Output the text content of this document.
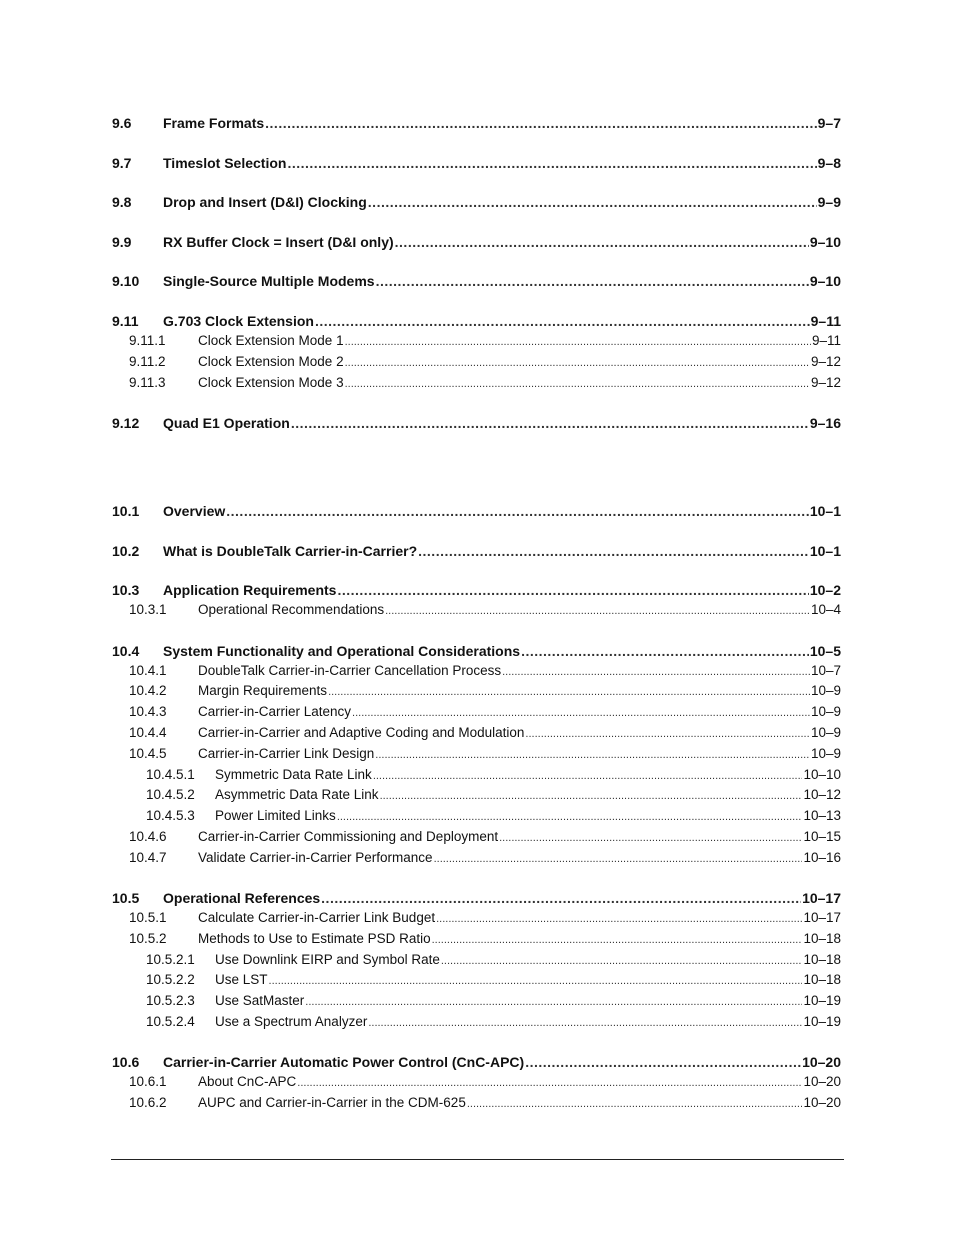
9.6	Frame Formats .....	9–7
9.7	Timeslot Selection .....	9–8
9.8	Drop and Insert (D&I) Clocking .....	9–9
9.9	RX Buffer Clock = Insert (D&I only) .....	9–10
9.10	Single-Source Multiple Modems .....	9–10
9.11	G.703 Clock Extension .....	9–11
9.11.1	Clock Extension Mode 1 .....	9–11
9.11.2	Clock Extension Mode 2 .....	9–12
9.11.3	Clock Extension Mode 3 .....	9–12
9.12	Quad E1 Operation .....	9–16
10.1	Overview .....	10–1
10.2	What is DoubleTalk Carrier-in-Carrier? .....	10–1
10.3	Application Requirements .....	10–2
10.3.1	Operational Recommendations .....	10–4
10.4	System Functionality and Operational Considerations .....	10–5
10.4.1	DoubleTalk Carrier-in-Carrier Cancellation Process .....	10–7
10.4.2	Margin Requirements .....	10–9
10.4.3	Carrier-in-Carrier Latency .....	10–9
10.4.4	Carrier-in-Carrier and Adaptive Coding and Modulation .....	10–9
10.4.5	Carrier-in-Carrier Link Design .....	10–9
10.4.5.1	Symmetric Data Rate Link .....	10–10
10.4.5.2	Asymmetric Data Rate Link .....	10–12
10.4.5.3	Power Limited Links .....	10–13
10.4.6	Carrier-in-Carrier Commissioning and Deployment .....	10–15
10.4.7	Validate Carrier-in-Carrier Performance .....	10–16
10.5	Operational References .....	10–17
10.5.1	Calculate Carrier-in-Carrier Link Budget .....	10–17
10.5.2	Methods to Use to Estimate PSD Ratio .....	10–18
10.5.2.1	Use Downlink EIRP and Symbol Rate .....	10–18
10.5.2.2	Use LST .....	10–18
10.5.2.3	Use SatMaster .....	10–19
10.5.2.4	Use a Spectrum Analyzer .....	10–19
10.6	Carrier-in-Carrier Automatic Power Control (CnC-APC) .....	10–20
10.6.1	About CnC-APC .....	10–20
10.6.2	AUPC and Carrier-in-Carrier in the CDM-625 .....	10–20
